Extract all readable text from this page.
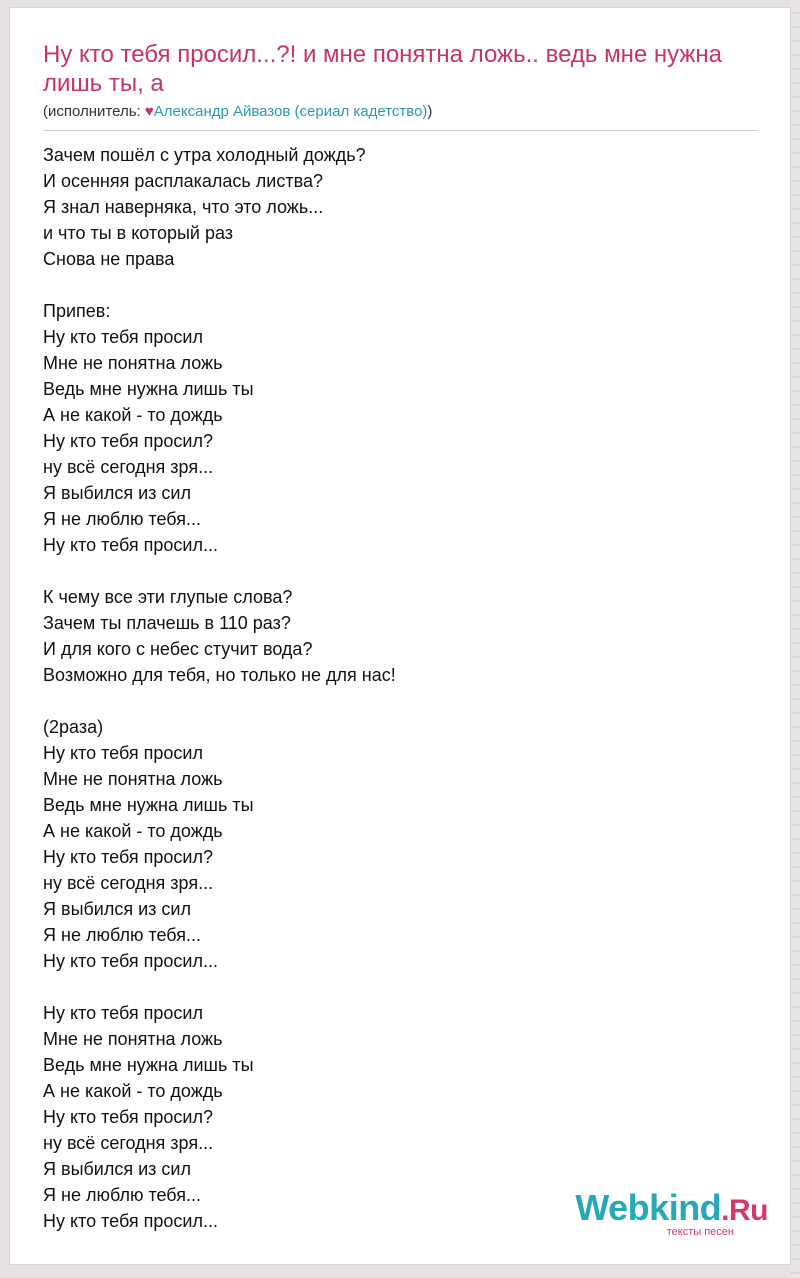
Ну кто тебя просил...?! и мне понятна ложь.. ведь мне нужна лишь ты, а
(исполнитель: ♥Александр Айвазов (сериал кадетство))
Зачем пошёл с утра холодный дождь?
И осенняя расплакалась листва?
Я знал наверняка, что это ложь...
и что ты в который раз
Снова не права
Припев:
Ну кто тебя просил
Мне не понятна ложь
Ведь мне нужна лишь ты
А не какой - то дождь
Ну кто тебя просил?
ну всё сегодня зря...
Я выбился из сил
Я не люблю тебя...
Ну кто тебя просил...
К чему все эти глупые слова?
Зачем ты плачешь в 110 раз?
И для кого с небес стучит вода?
Возможно для тебя, но только не для нас!
(2раза)
Ну кто тебя просил
Мне не понятна ложь
Ведь мне нужна лишь ты
А не какой - то дождь
Ну кто тебя просил?
ну всё сегодня зря...
Я выбился из сил
Я не люблю тебя...
Ну кто тебя просил...
Ну кто тебя просил
Мне не понятна ложь
Ведь мне нужна лишь ты
А не какой - то дождь
Ну кто тебя просил?
ну всё сегодня зря...
Я выбился из сил
Я не люблю тебя...
Ну кто тебя просил...	Webkind.Ru
тексты песен
